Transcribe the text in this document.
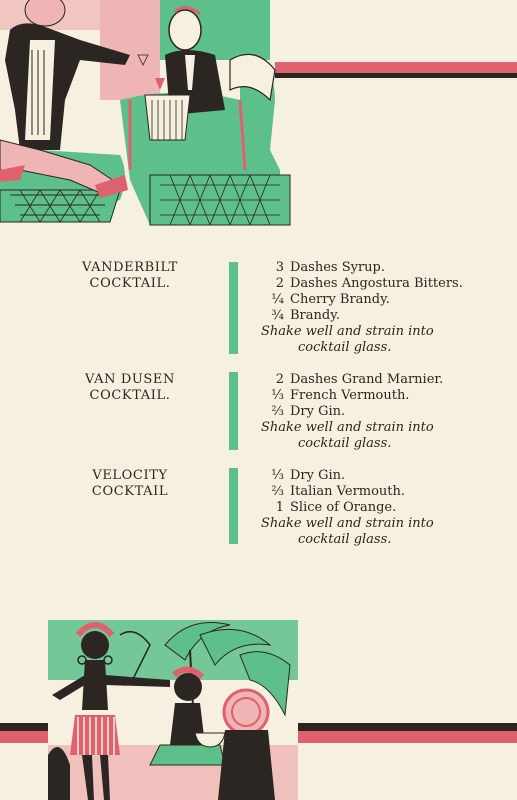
VANDERBILT
COCKTAIL.
3 Dashes Syrup.
2 Dashes Angostura Bitters.
¼ Cherry Brandy.
¾ Brandy.
Shake well and strain into
cocktail glass.
VAN DUSEN
COCKTAIL.
2 Dashes Grand Marnier.
⅓ French Vermouth.
⅔ Dry Gin.
Shake well and strain into
cocktail glass.
VELOCITY
COCKTAIL
⅓ Dry Gin.
⅔ Italian Vermouth.
1 Slice of Orange.
Shake well and strain into
cocktail glass.
